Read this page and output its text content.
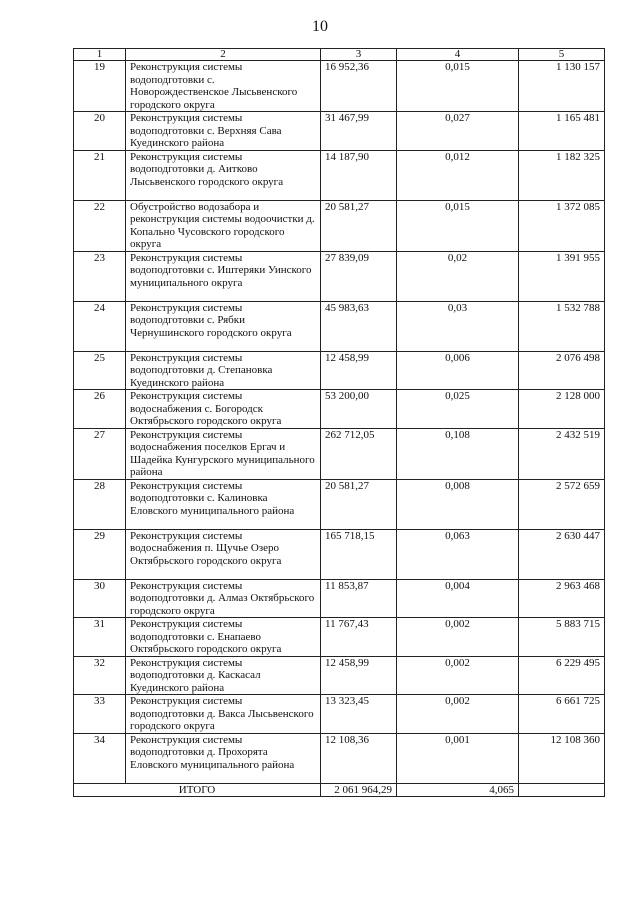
10
1	2	3	4	5
19	Реконструкция системы водоподготовки с. Новорождественское Лысьвенского городского округа	16 952,36	0,015	1 130 157
20	Реконструкция системы водоподготовки с. Верхняя Сава Куединского района	31 467,99	0,027	1 165 481
21	Реконструкция системы водоподготовки д. Аитково Лысьвенского городского округа	14 187,90	0,012	1 182 325
22	Обустройство водозабора и реконструкция системы водоочистки д. Копально Чусовского городского округа	20 581,27	0,015	1 372 085
23	Реконструкция системы водоподготовки с. Иштеряки Уинского муниципального округа	27 839,09	0,02	1 391 955
24	Реконструкция системы водоподготовки с. Рябки Чернушинского городского округа	45 983,63	0,03	1 532 788
25	Реконструкция системы водоподготовки д. Степановка Куединского района	12 458,99	0,006	2 076 498
26	Реконструкция системы водоснабжения с. Богородск Октябрьского городского округа	53 200,00	0,025	2 128 000
27	Реконструкция системы водоснабжения поселков Ергач и Шадейка Кунгурского муниципального района	262 712,05	0,108	2 432 519
28	Реконструкция системы водоподготовки с. Калиновка Еловского муниципального района	20 581,27	0,008	2 572 659
29	Реконструкция системы водоснабжения п. Щучье Озеро Октябрьского городского округа	165 718,15	0,063	2 630 447
30	Реконструкция системы водоподготовки д. Алмаз Октябрьского городского округа	11 853,87	0,004	2 963 468
31	Реконструкция системы водоподготовки с. Енапаево Октябрьского городского округа	11 767,43	0,002	5 883 715
32	Реконструкция системы водоподготовки д. Каскасал Куединского района	12 458,99	0,002	6 229 495
33	Реконструкция системы водоподготовки д. Вакса Лысьвенского городского округа	13 323,45	0,002	6 661 725
34	Реконструкция системы водоподготовки д. Прохорята Еловского муниципального района	12 108,36	0,001	12 108 360
ИТОГО		2 061 964,29	4,065	
